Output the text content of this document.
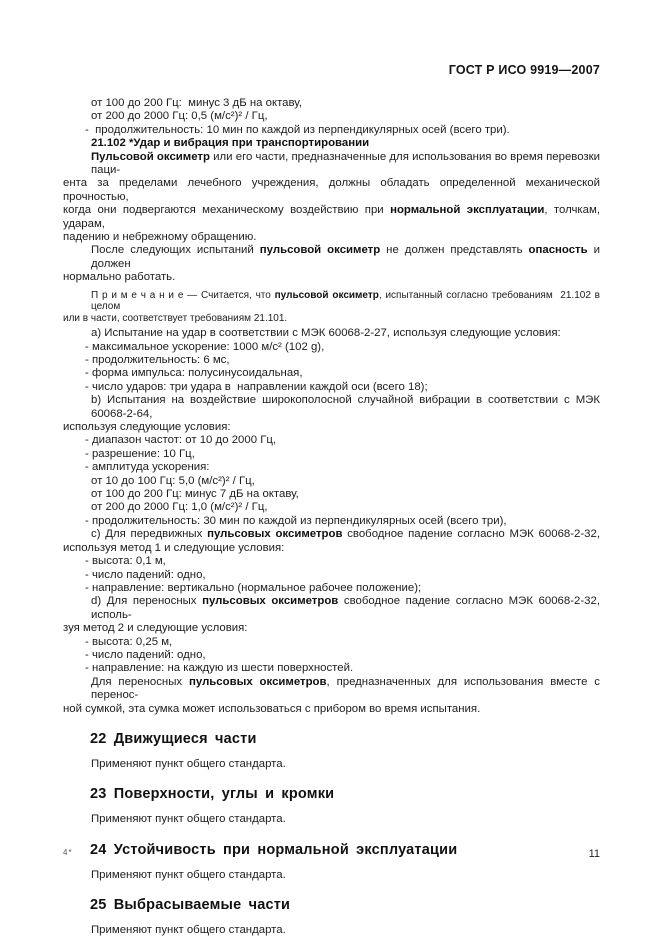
ГОСТ Р ИСО 9919—2007
от 100 до 200 Гц:  минус 3 дБ на октаву,
от 200 до 2000 Гц: 0,5 (м/с²)² / Гц,
-  продолжительность: 10 мин по каждой из перпендикулярных осей (всего три).
21.102 *Удар и вибрация при транспортировании
Пульсовой оксиметр или его части, предназначенные для использования во время перевозки паци-
ента за пределами лечебного учреждения, должны обладать определенной механической прочностью,
когда они подвергаются механическому воздействию при нормальной эксплуатации, толчкам, ударам,
падению и небрежному обращению.
После следующих испытаний пульсовой оксиметр не должен представлять опасность и должен
нормально работать.
П р и м е ч а н и е — Считается, что пульсовой оксиметр, испытанный согласно требованиям  21.102 в целом
или в части, соответствует требованиям 21.101.
a) Испытание на удар в соответствии с МЭК 60068-2-27, используя следующие условия:
- максимальное ускорение: 1000 м/с² (102 g),
- продолжительность: 6 мс,
- форма импульса: полусинусоидальная,
- число ударов: три удара в  направлении каждой оси (всего 18);
b) Испытания на воздействие широкополосной случайной вибрации в соответствии с МЭК 60068-2-64,
используя следующие условия:
- диапазон частот: от 10 до 2000 Гц,
- разрешение: 10 Гц,
- амплитуда ускорения:
от 10 до 100 Гц: 5,0 (м/с²)² / Гц,
от 100 до 200 Гц: минус 7 дБ на октаву,
от 200 до 2000 Гц: 1,0 (м/с²)² / Гц,
- продолжительность: 30 мин по каждой из перпендикулярных осей (всего три),
c) Для передвижных пульсовых оксиметров свободное падение согласно МЭК 60068-2-32,
используя метод 1 и следующие условия:
- высота: 0,1 м,
- число падений: одно,
- направление: вертикально (нормальное рабочее положение);
d) Для переносных пульсовых оксиметров свободное падение согласно МЭК 60068-2-32, исполь-
зуя метод 2 и следующие условия:
- высота: 0,25 м,
- число падений: одно,
- направление: на каждую из шести поверхностей.
Для переносных пульсовых оксиметров, предназначенных для использования вместе с перенос-
ной сумкой, эта сумка может использоваться с прибором во время испытания.
22 Движущиеся части
Применяют пункт общего стандарта.
23 Поверхности, углы и кромки
Применяют пункт общего стандарта.
24 Устойчивость при нормальной эксплуатации
Применяют пункт общего стандарта.
25 Выбрасываемые части
Применяют пункт общего стандарта.
4*	11
